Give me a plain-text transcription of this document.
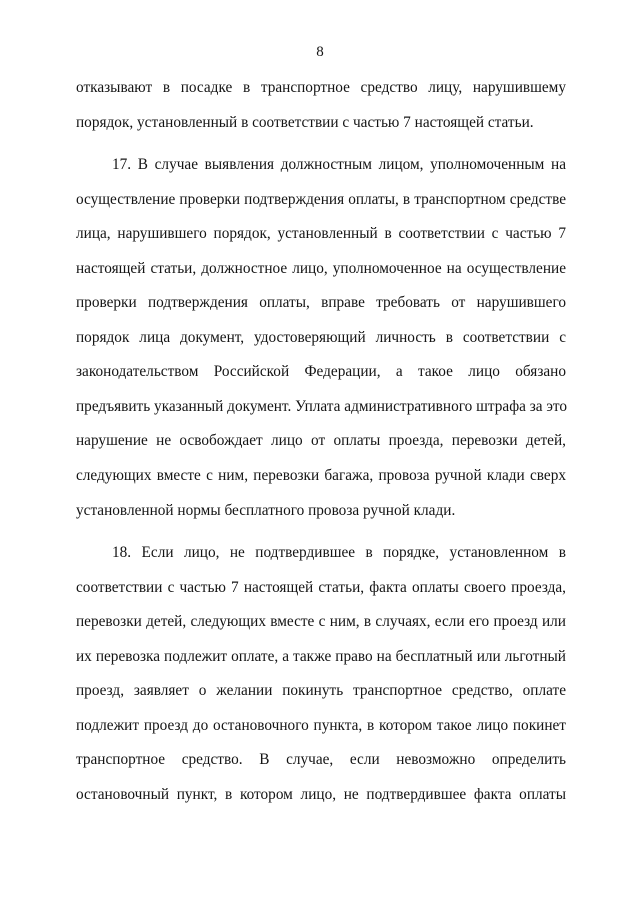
8
отказывают в посадке в транспортное средство лицу, нарушившему
порядок, установленный в соответствии с частью 7 настоящей статьи.
17. В случае выявления должностным лицом, уполномоченным на
осуществление проверки подтверждения оплаты, в транспортном средстве
лица, нарушившего порядок, установленный в соответствии с частью 7
настоящей статьи, должностное лицо, уполномоченное на осуществление
проверки подтверждения оплаты, вправе требовать от нарушившего
порядок лица документ, удостоверяющий личность в соответствии с
законодательством Российской Федерации, а такое лицо обязано
предъявить указанный документ. Уплата административного штрафа за это
нарушение не освобождает лицо от оплаты проезда, перевозки детей,
следующих вместе с ним, перевозки багажа, провоза ручной клади сверх
установленной нормы бесплатного провоза ручной клади.
18. Если лицо, не подтвердившее в порядке, установленном в
соответствии с частью 7 настоящей статьи, факта оплаты своего проезда,
перевозки детей, следующих вместе с ним, в случаях, если его проезд или
их перевозка подлежит оплате, а также право на бесплатный или льготный
проезд, заявляет о желании покинуть транспортное средство, оплате
подлежит проезд до остановочного пункта, в котором такое лицо покинет
транспортное средство. В случае, если невозможно определить
остановочный пункт, в котором лицо, не подтвердившее факта оплаты
